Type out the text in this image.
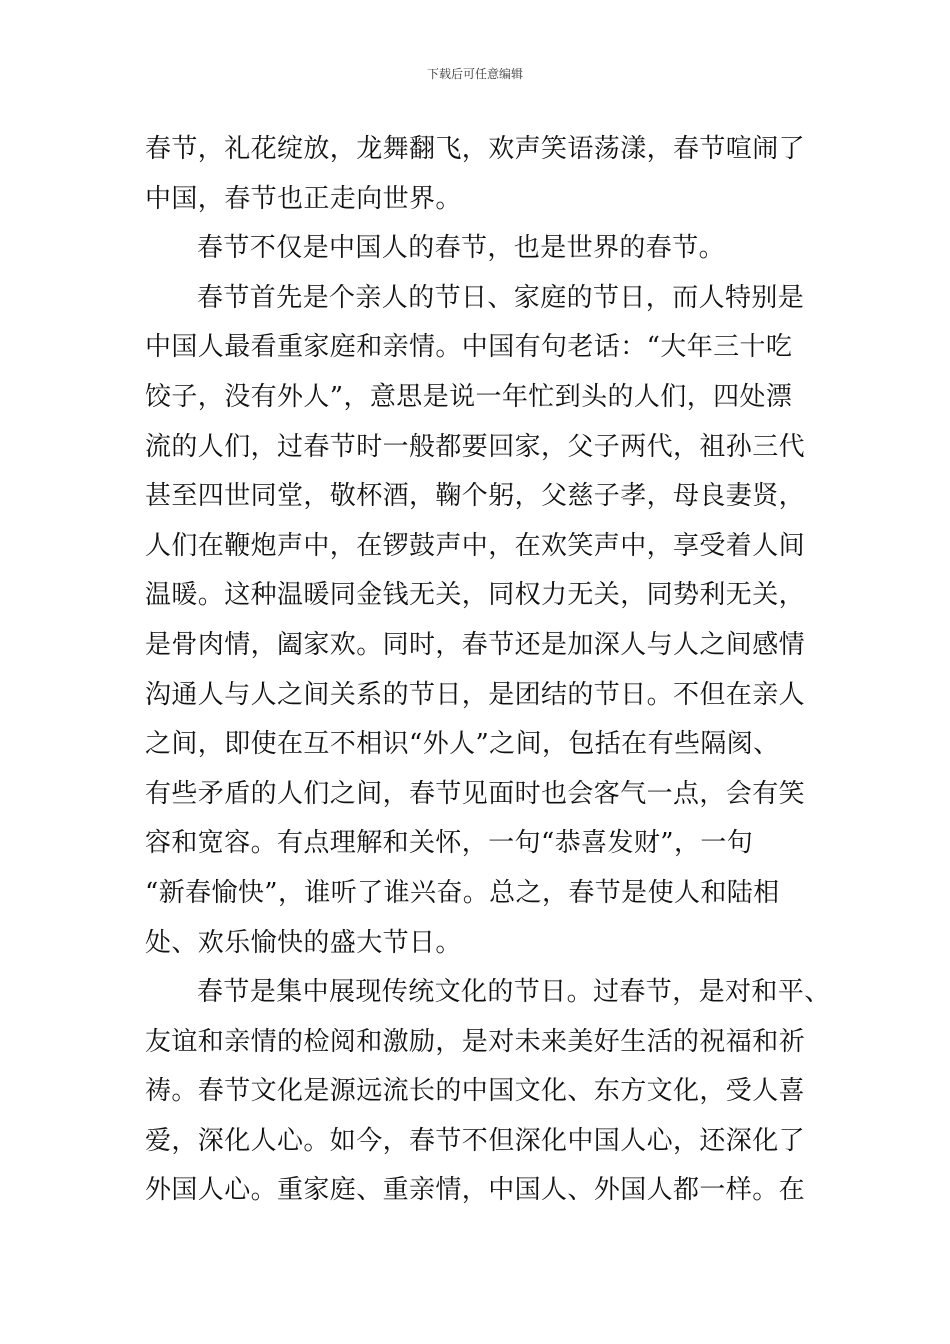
下载后可任意编辑
春节，礼花绽放，龙舞翻飞，欢声笑语荡漾，春节喧闹了
中国，春节也正走向世界。
春节不仅是中国人的春节，也是世界的春节。
春节首先是个亲人的节日、家庭的节日，而人特别是
中国人最看重家庭和亲情。中国有句老话：“大年三十吃
饺子，没有外人”，意思是说一年忙到头的人们，四处漂
流的人们，过春节时一般都要回家，父子两代，祖孙三代
甚至四世同堂，敬杯酒，鞠个躬，父慈子孝，母良妻贤，
人们在鞭炮声中，在锣鼓声中，在欢笑声中，享受着人间
温暖。这种温暖同金钱无关，同权力无关，同势利无关，
是骨肉情，阖家欢。同时，春节还是加深人与人之间感情
沟通人与人之间关系的节日，是团结的节日。不但在亲人
之间，即使在互不相识“外人”之间，包括在有些隔阂、
有些矛盾的人们之间，春节见面时也会客气一点，会有笑
容和宽容。有点理解和关怀，一句“恭喜发财”，一句
“新春愉快”，谁听了谁兴奋。总之，春节是使人和陆相
处、欢乐愉快的盛大节日。
春节是集中展现传统文化的节日。过春节，是对和平、
友谊和亲情的检阅和激励，是对未来美好生活的祝福和祈
祷。春节文化是源远流长的中国文化、东方文化，受人喜
爱，深化人心。如今，春节不但深化中国人心，还深化了
外国人心。重家庭、重亲情，中国人、外国人都一样。在
